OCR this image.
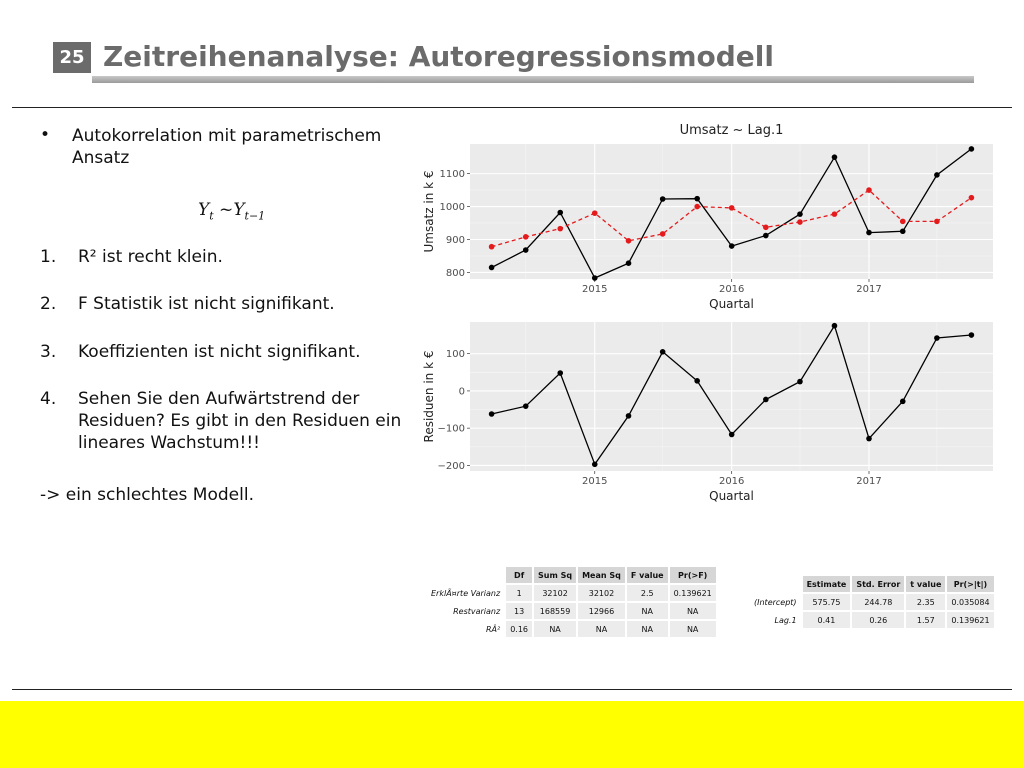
25 Zeitreihenanalyse: Autoregressionsmodell
• Autokorrelation mit parametrischem Ansatz
$Y_t$ $\sim Y_{t-1}$
1. R² ist recht klein.
2. F Statistik ist nicht signifikant.
3. Koeffizienten ist nicht signifikant.
4. Sehen Sie den Aufwärtstrend der Residuen? Es gibt in den Residuen ein lineares Wachstum!!!
-> ein schlechtes Modell.
800
900
1000
1100
2015	2016	2017
Umsatz ~ Lag.1
Quartal
Umsatz in k €
−200
−100
0
100
2015	2016	2017
Quartal
Residuen in k €
	Df	Sum Sq	Mean Sq	F value	Pr(>F)
ErklÃ¤rte Varianz	1	32102	32102	2.5	0.139621
Restvarianz	13	168559	12966	NA	NA
RÂ²	0.16	NA	NA	NA	NA
	Estimate	Std. Error	t value	Pr(>|t|)
(Intercept)	575.75	244.78	2.35	0.035084
Lag.1	0.41	0.26	1.57	0.139621
